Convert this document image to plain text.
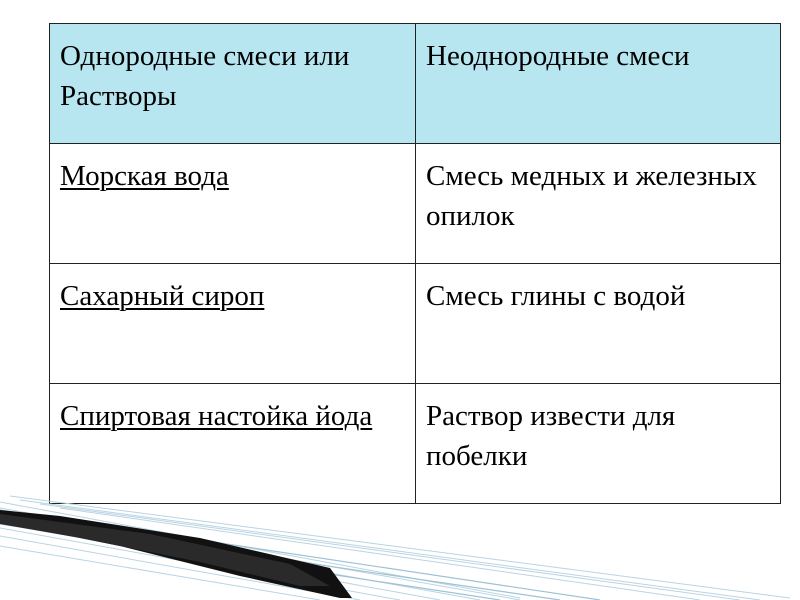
Однородные смеси или Растворы	Неоднородные смеси
Морская вода	Смесь медных и железных опилок
Сахарный сироп	Смесь глины с водой
Спиртовая настойка йода	Раствор извести для побелки
